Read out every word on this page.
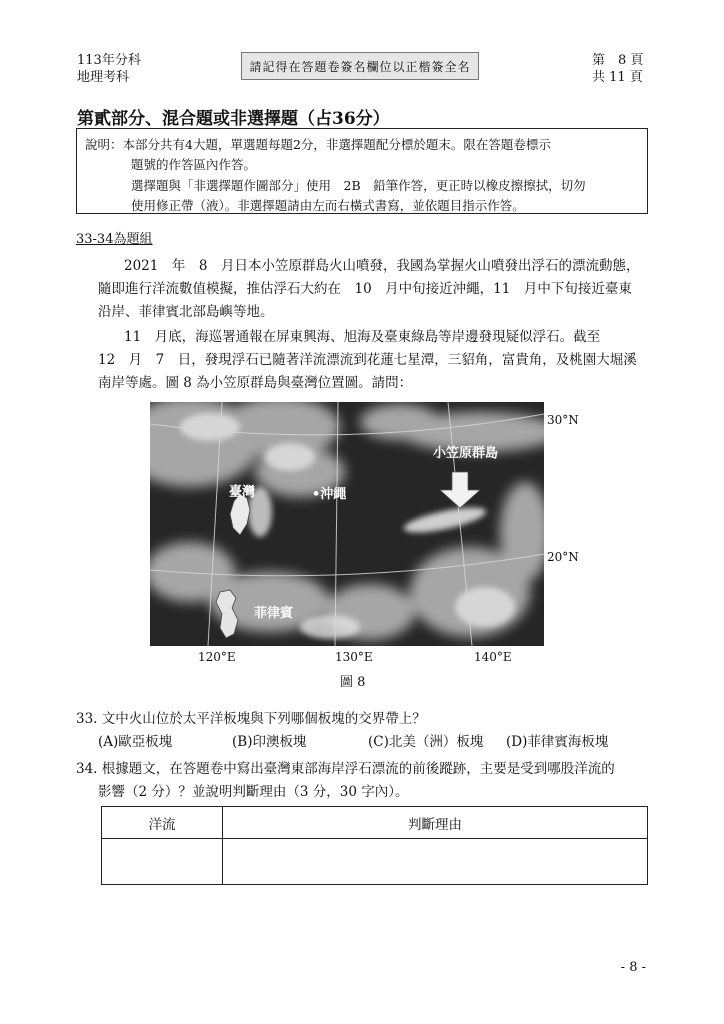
113年分科
地理考科
請記得在答題卷簽名欄位以正楷簽全名	第　8 頁
共 11 頁
第貳部分、混合題或非選擇題（占36分）
說明：本部分共有4大題，單選題每題2分，非選擇題配分標於題末。限在答題卷標示
題號的作答區內作答。
選擇題與「非選擇題作圖部分」使用　2B　鉛筆作答，更正時以橡皮擦擦拭，切勿
使用修正帶（液）。非選擇題請由左而右橫式書寫，並依題目指示作答。
33-34為題組
2021　年　8　月日本小笠原群島火山噴發，我國為掌握火山噴發出浮石的漂流動態，
隨即進行洋流數值模擬，推估浮石大約在　10　月中旬接近沖繩，11　月中下旬接近臺東
沿岸、菲律賓北部島嶼等地。
11　月底，海巡署通報在屏東興海、旭海及臺東綠島等岸邊發現疑似浮石。截至
12　月　7　日，發現浮石已隨著洋流漂流到花蓮七星潭，三貂角，富貴角，及桃園大堀溪
南岸等處。圖 8 為小笠原群島與臺灣位置圖。請問：
小笠原群島
臺灣	•沖繩
菲律賓
30°N
20°N
120°E	130°E	140°E
圖 8
33. 文中火山位於太平洋板塊與下列哪個板塊的交界帶上？
(A)歐亞板塊	(B)印澳板塊	(C)北美（洲）板塊 (D)菲律賓海板塊
34. 根據題文，在答題卷中寫出臺灣東部海岸浮石漂流的前後蹤跡，主要是受到哪股洋流的
影響（2 分）？並說明判斷理由（3 分，30 字內）。
洋流	判斷理由

- 8 -
